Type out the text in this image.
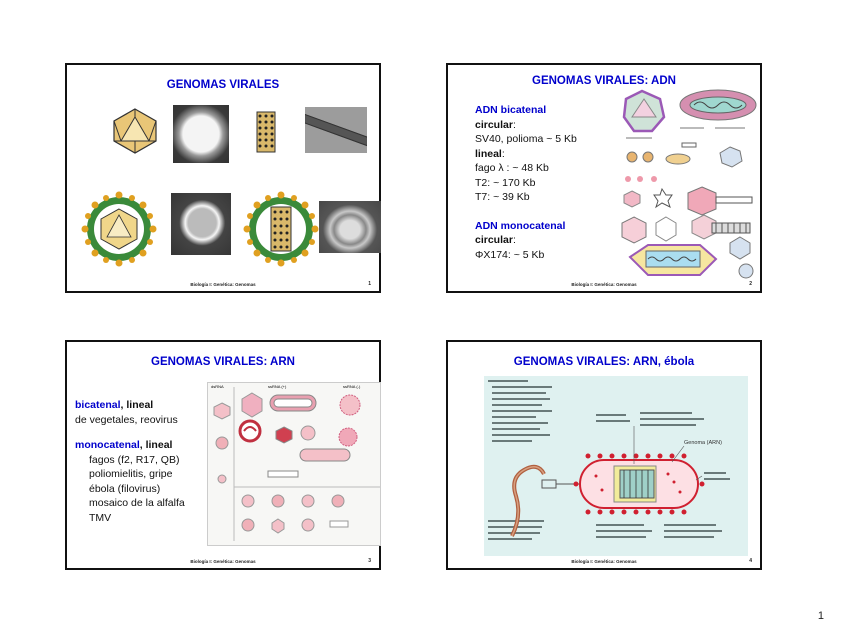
GENOMAS VIRALES
Biología I: Genética: Genomas	1
GENOMAS VIRALES: ADN
ADN bicatenal
circular:
SV40, polioma ~ 5 Kb
lineal:
fago λ : ~ 48 Kb
T2: ~ 170 Kb
T7: ~ 39 Kb
ADN monocatenal
circular:
ΦX174: ~ 5 Kb
Biología I: Genética: Genomas	2
GENOMAS VIRALES: ARN
bicatenal, lineal
de vegetales, reovirus
monocatenal, lineal
fagos (f2, R17, QB)
poliomielitis, gripe
ébola (filovirus)
mosaico de la alfalfa
TMV
dsRNA	ssRNA (+)	ssRNA (-)
Biología I: Genética: Genomas	3
GENOMAS VIRALES: ARN, ébola
Genoma (ARN)
Biología I: Genética: Genomas	4
1
